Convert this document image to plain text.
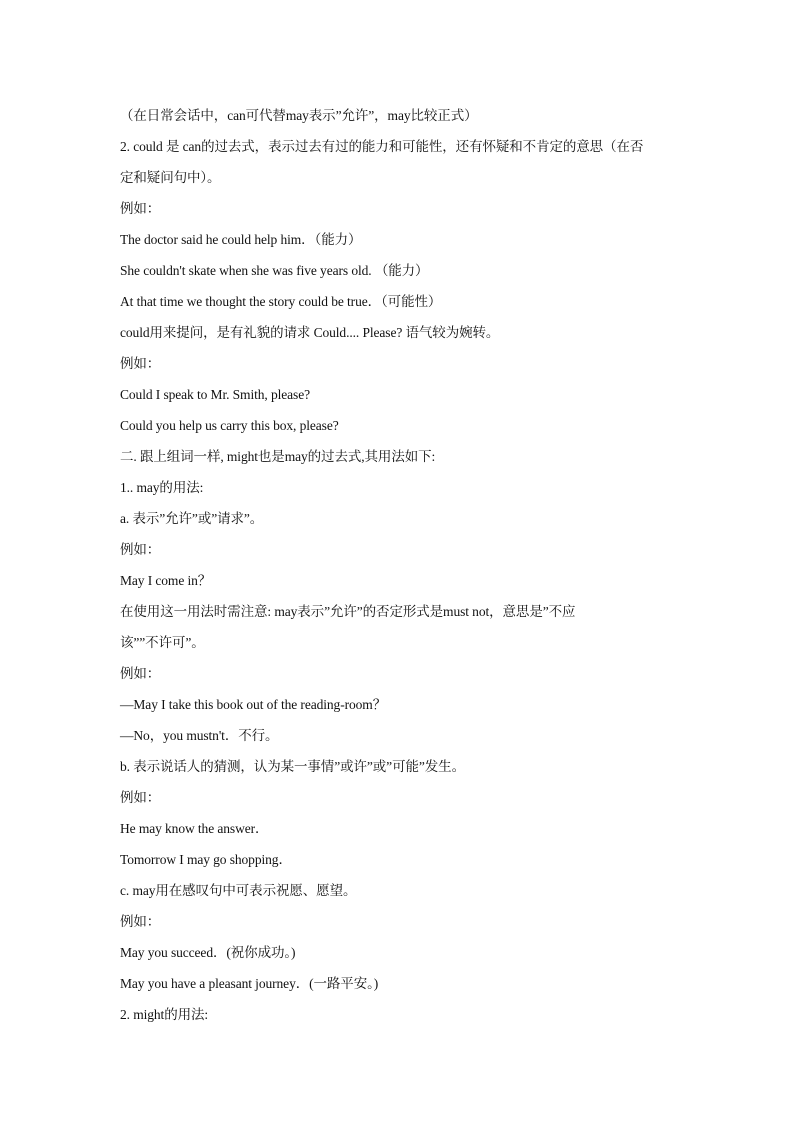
（在日常会话中，can可代替may表示”允许”，may比较正式）
2. could 是 can的过去式，表示过去有过的能力和可能性，还有怀疑和不肯定的意思（在否
定和疑问句中）。
例如：
The doctor said he could help him．（能力）
She couldn't skate when she was five years old. （能力）
At that time we thought the story could be true．（可能性）
could用来提问，是有礼貌的请求 Could.... Please? 语气较为婉转。
例如：
Could I speak to Mr. Smith, please?
Could you help us carry this box, please?
二. 跟上组词一样, might也是may的过去式,其用法如下:
1.. may的用法:
a. 表示”允许”或”请求”。
例如：
May I come in？
在使用这一用法时需注意: may表示”允许”的否定形式是must not，意思是”不应
该””不许可”。
例如：
—May I take this book out of the reading-room？
—No，you mustn't．不行。
b. 表示说话人的猜测，认为某一事情”或许”或”可能”发生。
例如：
He may know the answer．
Tomorrow I may go shopping．
c. may用在感叹句中可表示祝愿、愿望。
例如：
May you succeed．(祝你成功。)
May you have a pleasant journey．(一路平安。)
2. might的用法:
